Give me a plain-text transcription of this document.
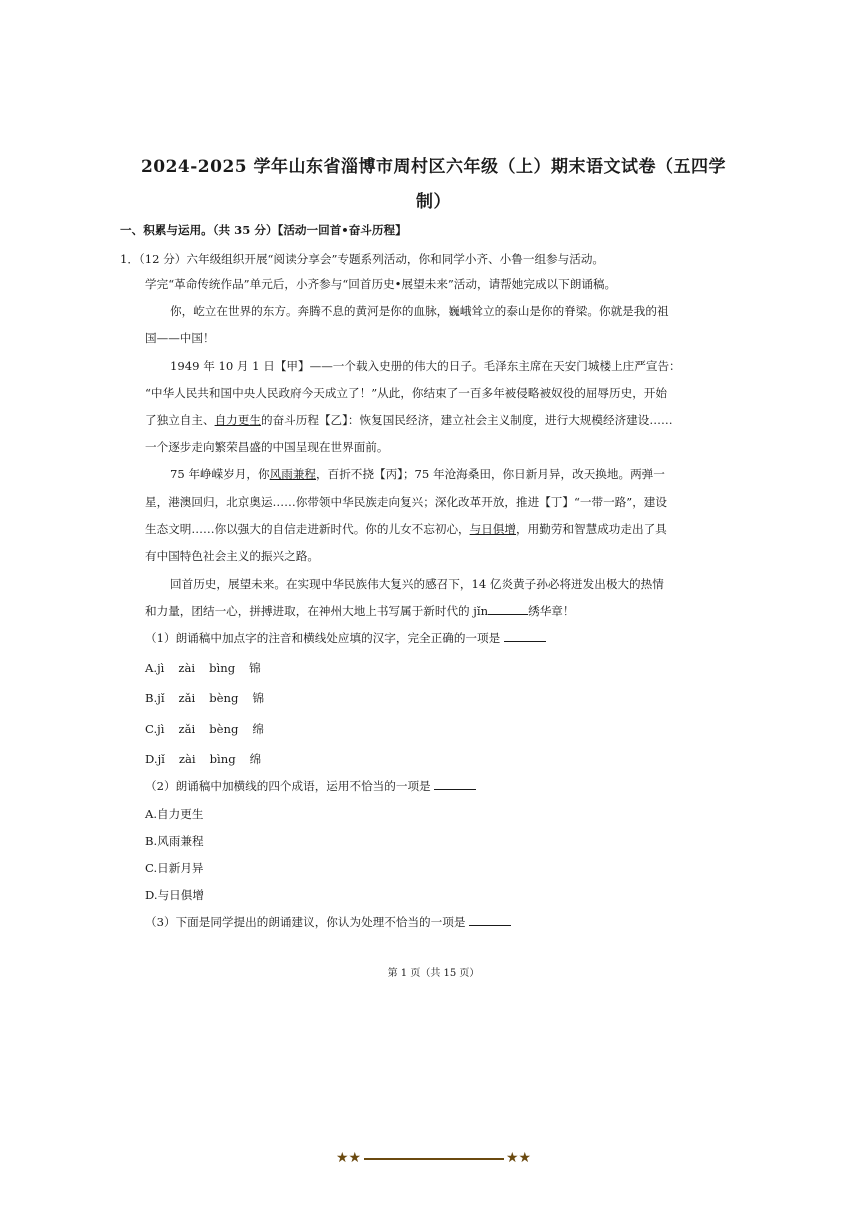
2024-2025 学年山东省淄博市周村区六年级（上）期末语文试卷（五四学
制）
一、积累与运用。（共 35 分）【活动一回首•奋斗历程】
1．（12 分）六年级组织开展“阅读分享会”专题系列活动，你和同学小齐、小鲁一组参与活动。
学完“革命传统作品”单元后，小齐参与“回首历史•展望未来”活动，请帮她完成以下朗诵稿。
你，屹立在世界的东方。奔腾不息的黄河是你的血脉，巍峨耸立的泰山是你的脊梁。你就是我的祖
国——中国！
1949 年 10 月 1 日【甲】——一个载入史册的伟大的日子。毛泽东主席在天安门城楼上庄严宣告：
“中华人民共和国中央人民政府今天成立了！”从此，你结束了一百多年被侵略被奴役的屈辱历史，开始
了独立自主、自力更生的奋斗历程【乙】：恢复国民经济，建立社会主义制度，进行大规模经济建设……
一个逐步走向繁荣昌盛的中国呈现在世界面前。
75 年峥嵘岁月，你风雨兼程，百折不挠【丙】；75 年沧海桑田，你日新月异，改天换地。两弹一
星，港澳回归，北京奥运……你带领中华民族走向复兴；深化改革开放，推进【丁】“一带一路”，建设
生态文明……你以强大的自信走进新时代。你的儿女不忘初心，与日俱增，用勤劳和智慧成功走出了具
有中国特色社会主义的振兴之路。
回首历史，展望未来。在实现中华民族伟大复兴的感召下，14 亿炎黄子孙必将迸发出极大的热情
和力量，团结一心，拼搏进取，在神州大地上书写属于新时代的 jǐn	绣华章！
（1）朗诵稿中加点字的注音和横线处应填的汉字，完全正确的一项是
A.jì zài bìng 锦
B.jǐ zǎi bèng 锦
C.jì zǎi bèng 绵
D.jǐ zài bìng 绵
（2）朗诵稿中加横线的四个成语，运用不恰当的一项是
A.自力更生
B.风雨兼程
C.日新月异
D.与日俱增
（3）下面是同学提出的朗诵建议，你认为处理不恰当的一项是
第 1 页（共 15 页）
★★	★★
